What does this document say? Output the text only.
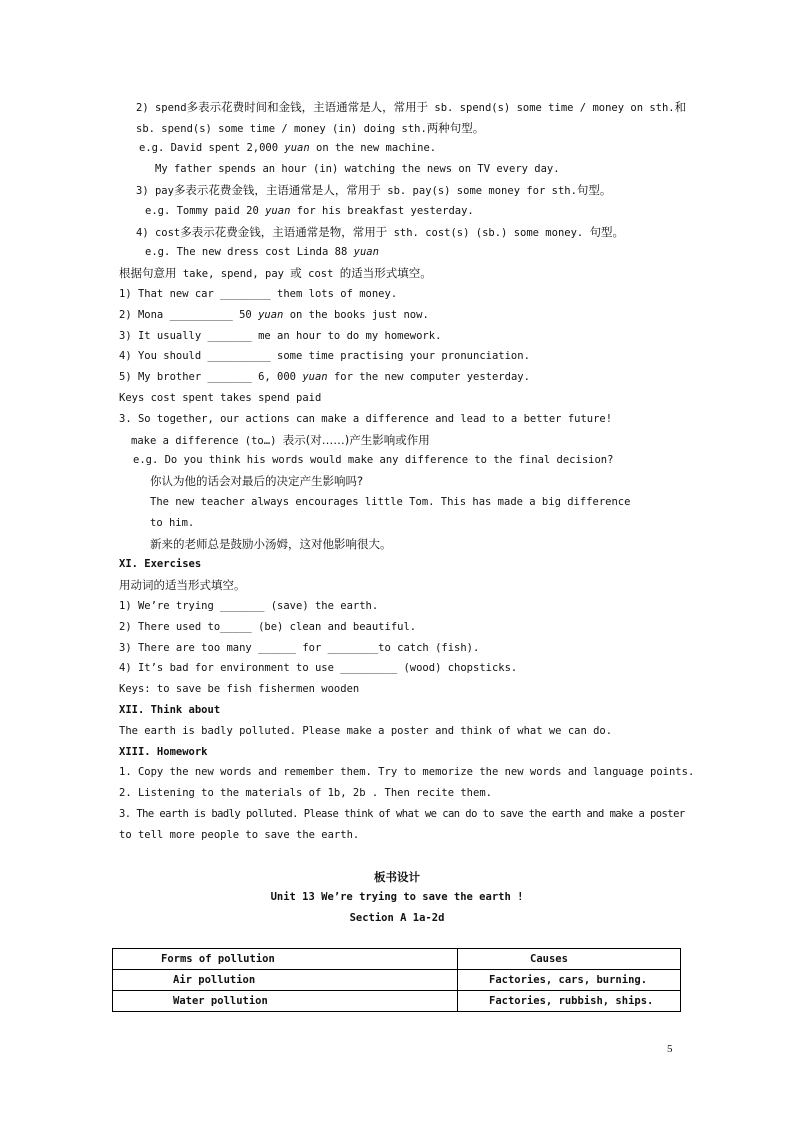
2) spend多表示花费时间和金钱，主语通常是人，常用于 sb. spend(s) some time / money on sth.和
sb. spend(s) some time / money (in) doing sth.两种句型。
e.g. David spent 2,000 yuan on the new machine.
My father spends an hour (in) watching the news on TV every day.
3) pay多表示花费金钱，主语通常是人，常用于 sb. pay(s) some money for sth.句型。
e.g. Tommy paid 20 yuan for his breakfast yesterday.
4) cost多表示花费金钱，主语通常是物，常用于 sth. cost(s) (sb.) some money. 句型。
e.g. The new dress cost Linda 88 yuan
根据句意用 take, spend, pay 或 cost 的适当形式填空。
1) That new car ________ them lots of money.
2) Mona __________ 50 yuan on the books just now.
3) It usually _______ me an hour to do my homework.
4) You should __________ some time practising your pronunciation.
5) My brother _______ 6, 000 yuan for the new computer yesterday.
Keys cost spent takes spend paid
3. So together, our actions can make a difference and lead to a better future!
make a difference (to…) 表示(对……)产生影响或作用
e.g. Do you think his words would make any difference to the final decision?
你认为他的话会对最后的决定产生影响吗?
The new teacher always encourages little Tom. This has made a big difference
to him.
新来的老师总是鼓励小汤姆，这对他影响很大。
XI. Exercises
用动词的适当形式填空。
1) We’re trying _______ (save) the earth.
2) There used to_____ (be) clean and beautiful.
3) There are too many ______ for ________to catch (fish).
4) It’s bad for environment to use _________ (wood) chopsticks.
Keys: to save be fish fishermen wooden
XII. Think about
The earth is badly polluted. Please make a poster and think of what we can do.
XIII. Homework
1. Copy the new words and remember them. Try to memorize the new words and language points.
2. Listening to the materials of 1b, 2b . Then recite them.
3. The earth is badly polluted. Please think of what we can do to save the earth and make a poster
to tell more people to save the earth.
板书设计
Unit 13 We’re trying to save the earth !
Section A 1a-2d
Forms of pollution	Causes
Air pollution	Factories, cars, burning.
Water pollution	Factories, rubbish, ships.
5
